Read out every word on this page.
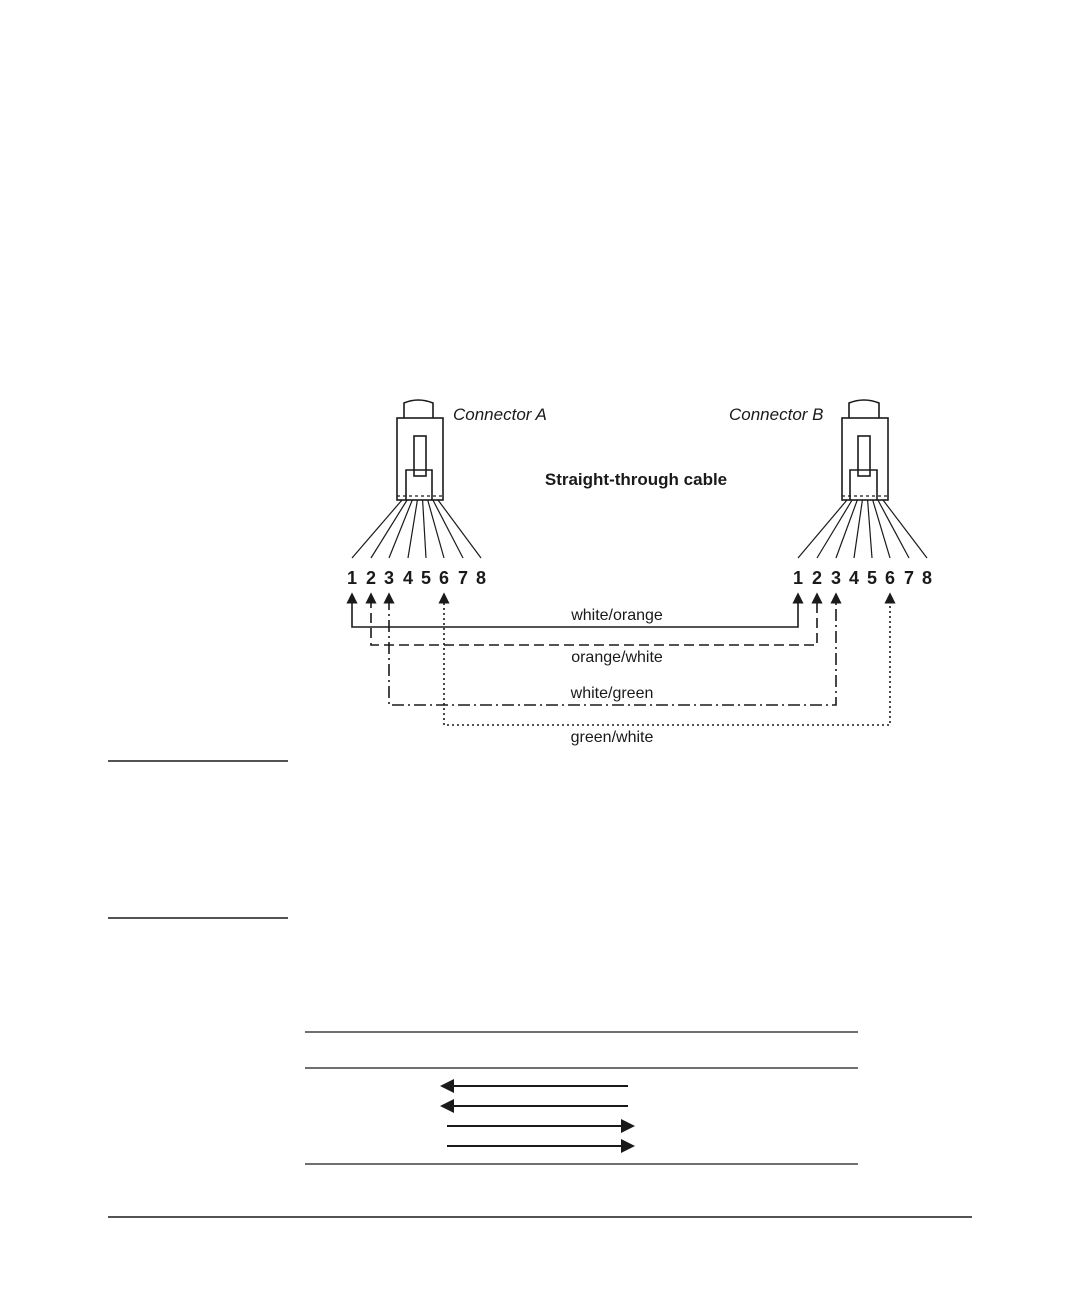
Connector A	Connector B
Straight-through cable
1 2 3 4 5 6 7 8	1 2 3 4 5 6 7 8
white/orange
orange/white
white/green
green/white
